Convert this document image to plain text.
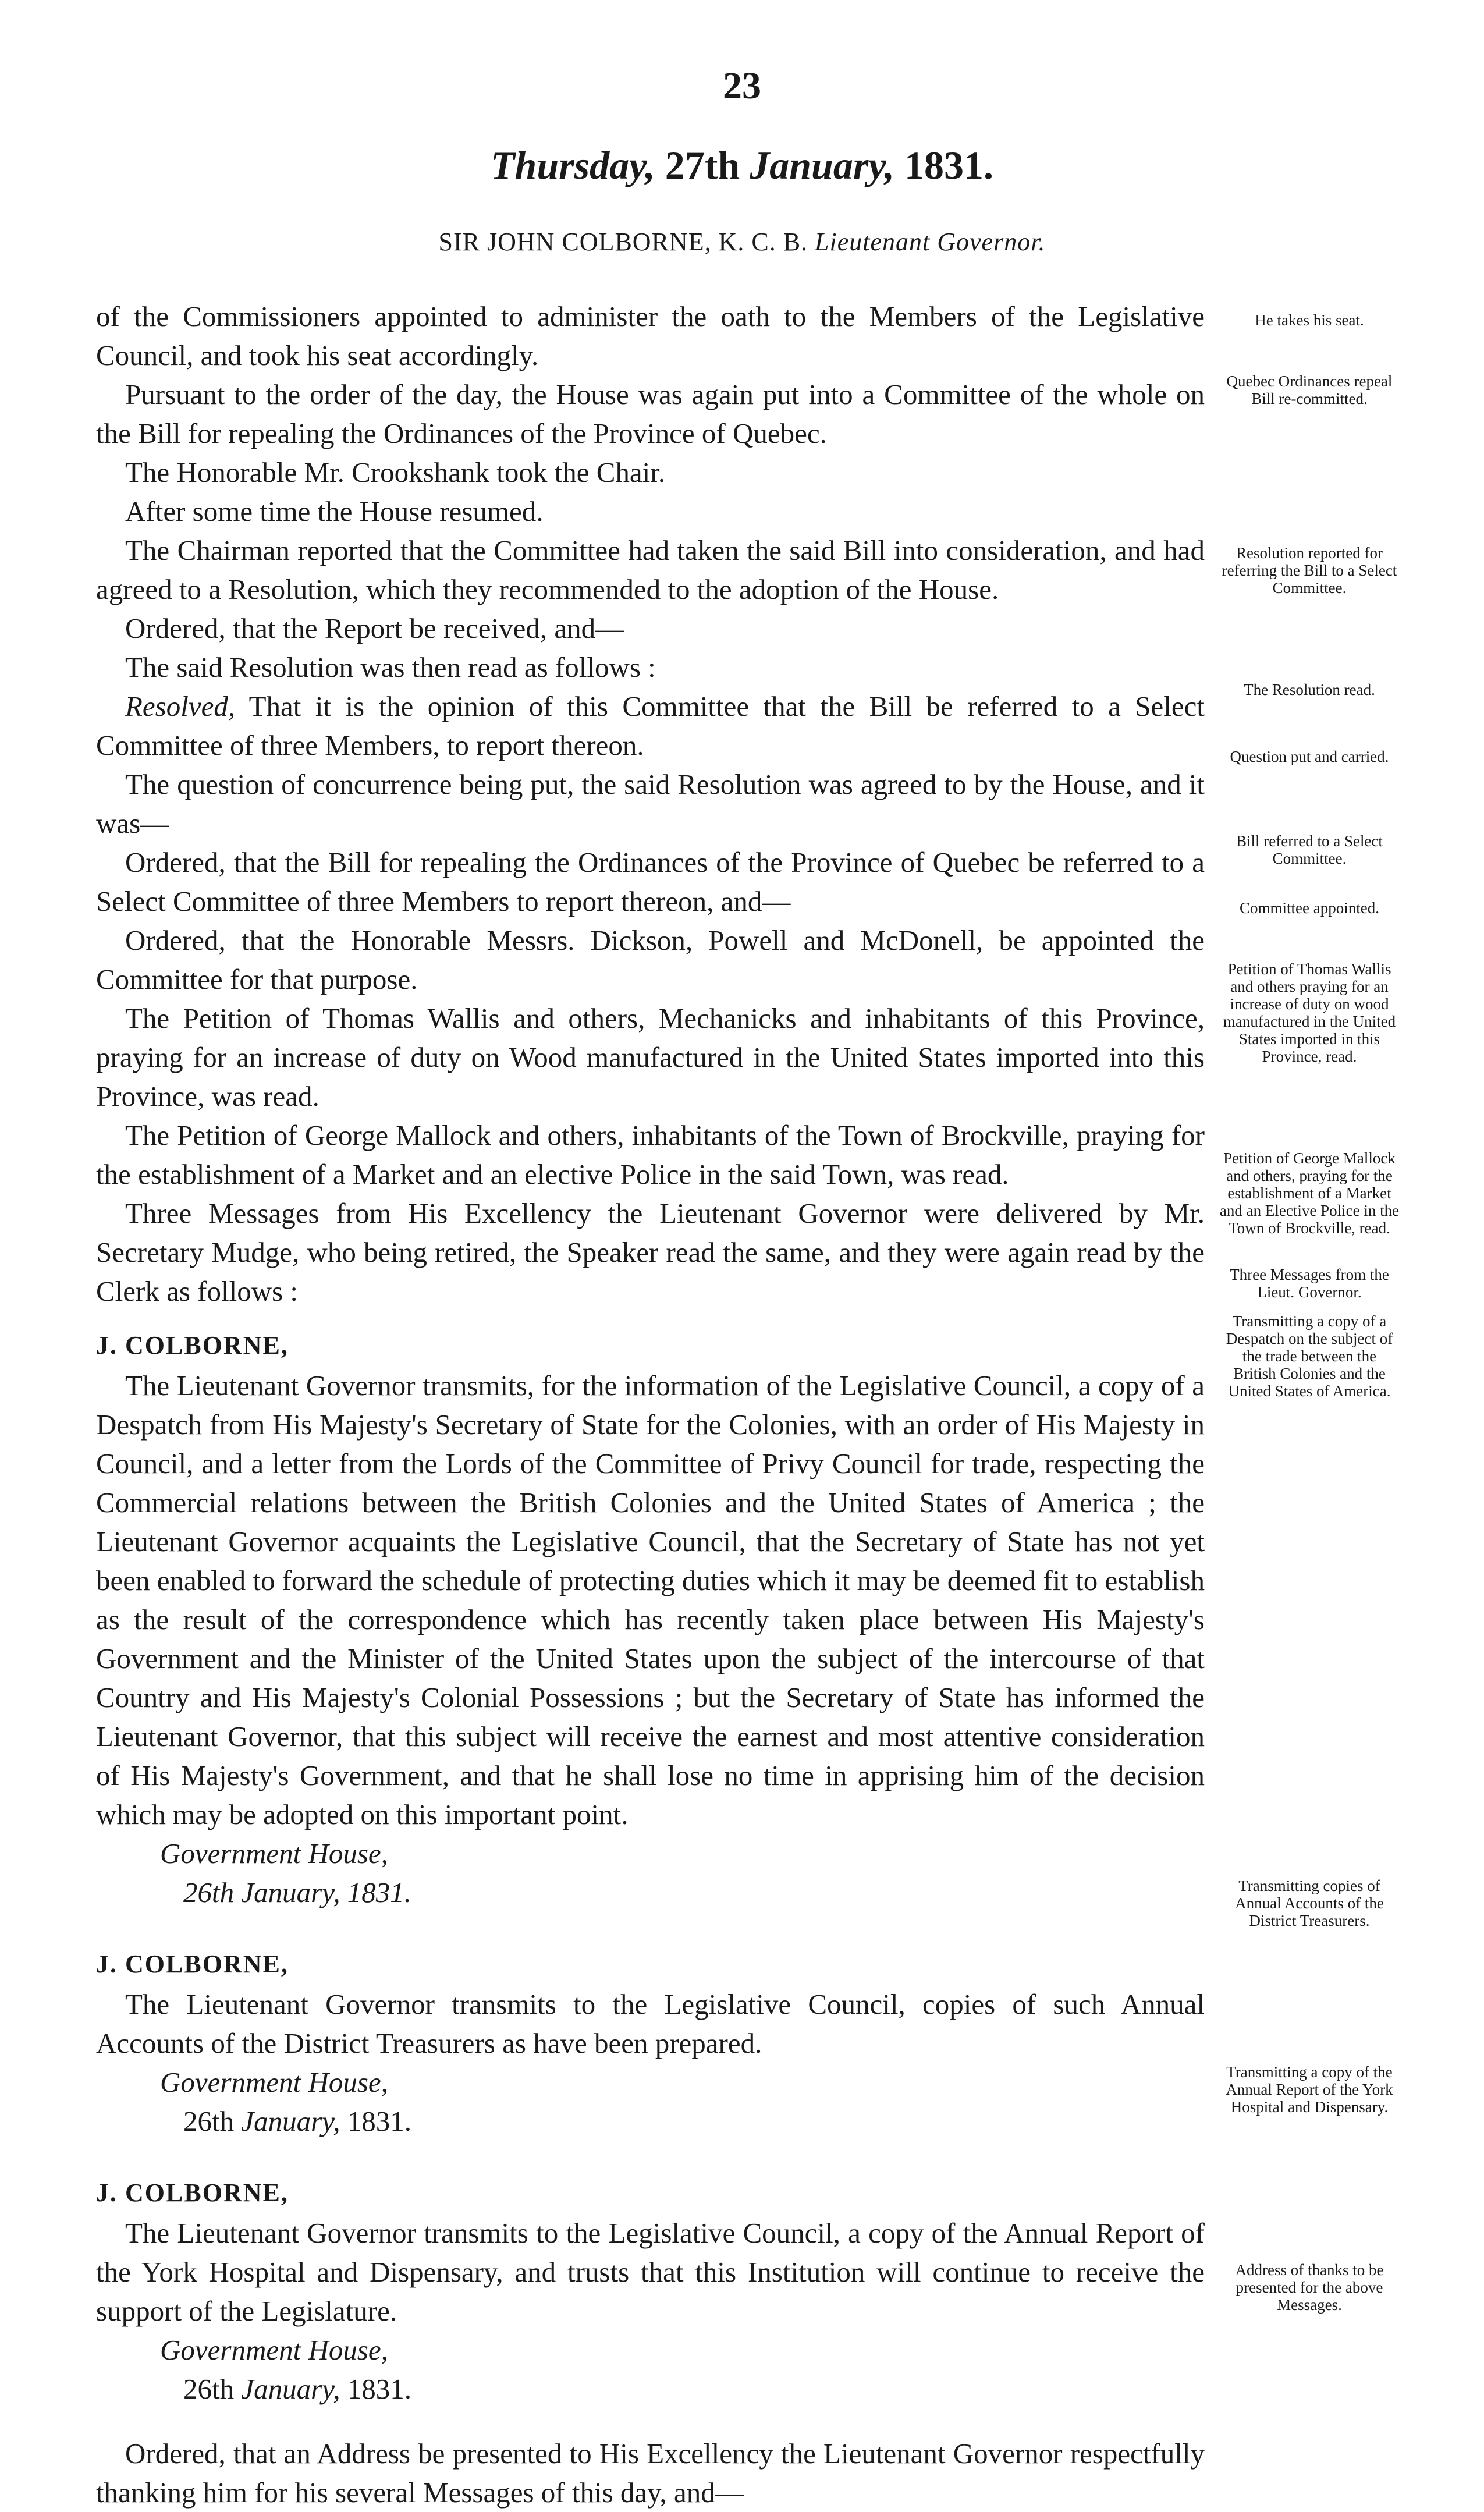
23
Thursday, 27th January, 1831.
SIR JOHN COLBORNE, K. C. B. Lieutenant Governor.

of the Commissioners appointed to administer the oath to the Members of the Legislative Council, and took his seat accordingly.

Pursuant to the order of the day, the House was again put into a Committee of the whole on the Bill for repealing the Ordinances of the Province of Quebec.

The Honorable Mr. Crookshank took the Chair.

After some time the House resumed.

The Chairman reported that the Committee had taken the said Bill into consideration, and had agreed to a Resolution, which they recommended to the adoption of the House.

Ordered, that the Report be received, and—

The said Resolution was then read as follows :

Resolved, That it is the opinion of this Committee that the Bill be referred to a Select Committee of three Members, to report thereon.

The question of concurrence being put, the said Resolution was agreed to by the House, and it was—

Ordered, that the Bill for repealing the Ordinances of the Province of Quebec be referred to a Select Committee of three Members to report thereon, and—

Ordered, that the Honorable Messrs. Dickson, Powell and McDonell, be appointed the Committee for that purpose.

The Petition of Thomas Wallis and others, Mechanicks and inhabitants of this Province, praying for an increase of duty on Wood manufactured in the United States imported into this Province, was read.

The Petition of George Mallock and others, inhabitants of the Town of Brockville, praying for the establishment of a Market and an elective Police in the said Town, was read.

Three Messages from His Excellency the Lieutenant Governor were delivered by Mr. Secretary Mudge, who being retired, the Speaker read the same, and they were again read by the Clerk as follows :

J. COLBORNE,

The Lieutenant Governor transmits, for the information of the Legislative Council, a copy of a Despatch from His Majesty's Secretary of State for the Colonies, with an order of His Majesty in Council, and a letter from the Lords of the Committee of Privy Council for trade, respecting the Commercial relations between the British Colonies and the United States of America ; the Lieutenant Governor acquaints the Legislative Council, that the Secretary of State has not yet been enabled to forward the schedule of protecting duties which it may be deemed fit to establish as the result of the correspondence which has recently taken place between His Majesty's Government and the Minister of the United States upon the subject of the intercourse of that Country and His Majesty's Colonial Possessions ; but the Secretary of State has informed the Lieutenant Governor, that this subject will receive the earnest and most attentive consideration of His Majesty's Government, and that he shall lose no time in apprising him of the decision which may be adopted on this important point.

Government House,

26th January, 1831.

J. COLBORNE,

The Lieutenant Governor transmits to the Legislative Council, copies of such Annual Accounts of the District Treasurers as have been prepared.

Government House,

26th January, 1831.

J. COLBORNE,

The Lieutenant Governor transmits to the Legislative Council, a copy of the Annual Report of the York Hospital and Dispensary, and trusts that this Institution will continue to receive the support of the Legislature.

Government House,

26th January, 1831.

Ordered, that an Address be presented to His Excellency the Lieutenant Governor respectfully thanking him for his several Messages of this day, and—

He takes his seat.
Quebec Ordinances repeal Bill re-committed.
Resolution reported for referring the Bill to a Select Committee.
The Resolution read.
Question put and carried.
Bill referred to a Select Committee.
Committee appointed.
Petition of Thomas Wallis and others praying for an increase of duty on wood manufactured in the United States imported in this Province, read.
Petition of George Mallock and others, praying for the establishment of a Market and an Elective Police in the Town of Brockville, read.
Three Messages from the Lieut. Governor.
Transmitting a copy of a Despatch on the subject of the trade between the British Colonies and the United States of America.
Transmitting copies of Annual Accounts of the District Treasurers.
Transmitting a copy of the Annual Report of the York Hospital and Dispensary.
Address of thanks to be presented for the above Messages.
